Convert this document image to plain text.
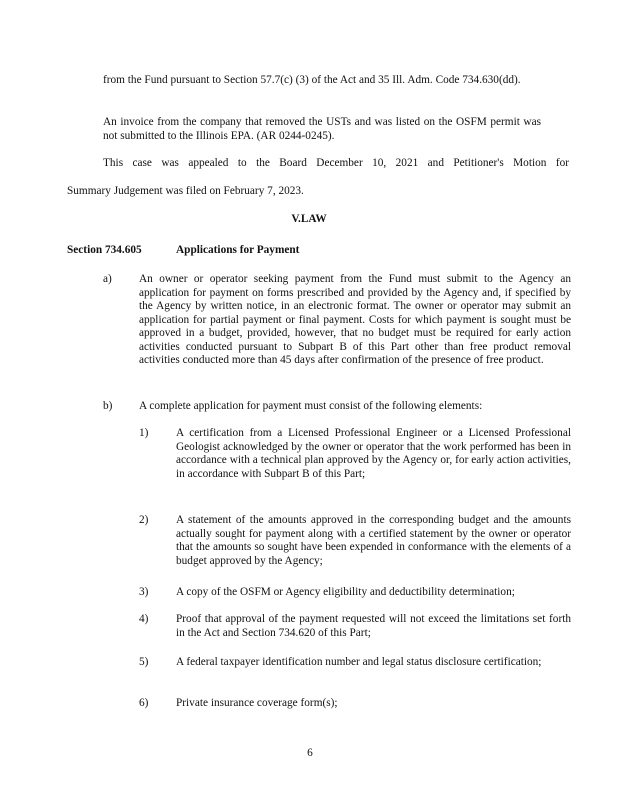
from the Fund pursuant to Section 57.7(c) (3) of the Act and 35 Ill. Adm. Code 734.630(dd).

An invoice from the company that removed the USTs and was listed on the OSFM permit was not submitted to the Illinois EPA. (AR 0244-0245).

This case was appealed to the Board December 10, 2021 and Petitioner's Motion for

Summary Judgement was filed on February 7, 2023.

V.LAW

Section 734.605	Applications for Payment

a) An owner or operator seeking payment from the Fund must submit to the Agency an application for payment on forms prescribed and provided by the Agency and, if specified by the Agency by written notice, in an electronic format. The owner or operator may submit an application for partial payment or final payment. Costs for which payment is sought must be approved in a budget, provided, however, that no budget must be required for early action activities conducted pursuant to Subpart B of this Part other than free product removal activities conducted more than 45 days after confirmation of the presence of free product.

b) A complete application for payment must consist of the following elements:

1) A certification from a Licensed Professional Engineer or a Licensed Professional Geologist acknowledged by the owner or operator that the work performed has been in accordance with a technical plan approved by the Agency or, for early action activities, in accordance with Subpart B of this Part;

2) A statement of the amounts approved in the corresponding budget and the amounts actually sought for payment along with a certified statement by the owner or operator that the amounts so sought have been expended in conformance with the elements of a budget approved by the Agency;

3) A copy of the OSFM or Agency eligibility and deductibility determination;

4) Proof that approval of the payment requested will not exceed the limitations set forth in the Act and Section 734.620 of this Part;

5) A federal taxpayer identification number and legal status disclosure certification;

6) Private insurance coverage form(s);

6
